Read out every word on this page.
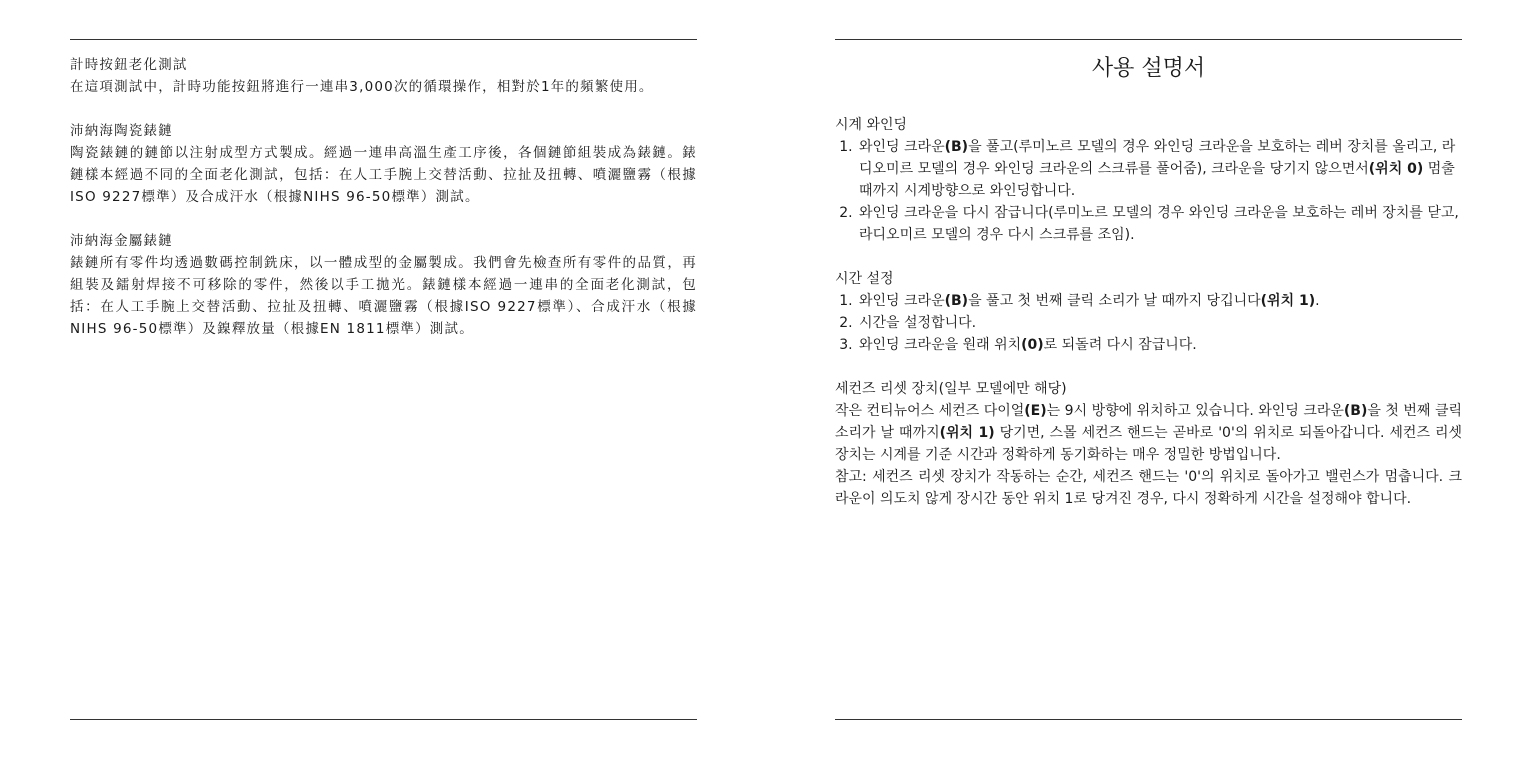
計時按鈕老化測試
在這項測試中，計時功能按鈕將進行一連串3,000次的循環操作，相對於1年的頻繁使用。
沛納海陶瓷錶鏈
陶瓷錶鏈的鏈節以注射成型方式製成。經過一連串高溫生產工序後，各個鏈節組裝成為錶鏈。錶鏈樣本經過不同的全面老化測試，包括：在人工手腕上交替活動、拉扯及扭轉、噴灑鹽霧（根據ISO 9227標準）及合成汗水（根據NIHS 96-50標準）測試。
沛納海金屬錶鏈
錶鏈所有零件均透過數碼控制銑床，以一體成型的金屬製成。我們會先檢查所有零件的品質，再組裝及鐳射焊接不可移除的零件，然後以手工拋光。錶鏈樣本經過一連串的全面老化測試，包括：在人工手腕上交替活動、拉扯及扭轉、噴灑鹽霧（根據ISO 9227標準）、合成汗水（根據NIHS 96-50標準）及鎳釋放量（根據EN 1811標準）測試。
사용 설명서
시계 와인딩
1. 와인딩 크라운(B)을 풀고(루미노르 모델의 경우 와인딩 크라운을 보호하는 레버 장치를 올리고, 라디오미르 모델의 경우 와인딩 크라운의 스크류를 풀어줌), 크라운을 당기지 않으면서(위치 0) 멈출 때까지 시계방향으로 와인딩합니다.
2. 와인딩 크라운을 다시 잠급니다(루미노르 모델의 경우 와인딩 크라운을 보호하는 레버 장치를 닫고, 라디오미르 모델의 경우 다시 스크류를 조임).
시간 설정
1. 와인딩 크라운(B)을 풀고 첫 번째 클릭 소리가 날 때까지 당깁니다(위치 1).
2. 시간을 설정합니다.
3. 와인딩 크라운을 원래 위치(0)로 되돌려 다시 잠급니다.
세컨즈 리셋 장치(일부 모델에만 해당)
작은 컨티뉴어스 세컨즈 다이얼(E)는 9시 방향에 위치하고 있습니다. 와인딩 크라운(B)을 첫 번째 클릭 소리가 날 때까지(위치 1) 당기면, 스몰 세컨즈 핸드는 곧바로 '0'의 위치로 되돌아갑니다. 세컨즈 리셋 장치는 시계를 기준 시간과 정확하게 동기화하는 매우 정밀한 방법입니다.
참고: 세컨즈 리셋 장치가 작동하는 순간, 세컨즈 핸드는 '0'의 위치로 돌아가고 밸런스가 멈춥니다. 크라운이 의도치 않게 장시간 동안 위치 1로 당겨진 경우, 다시 정확하게 시간을 설정해야 합니다.
